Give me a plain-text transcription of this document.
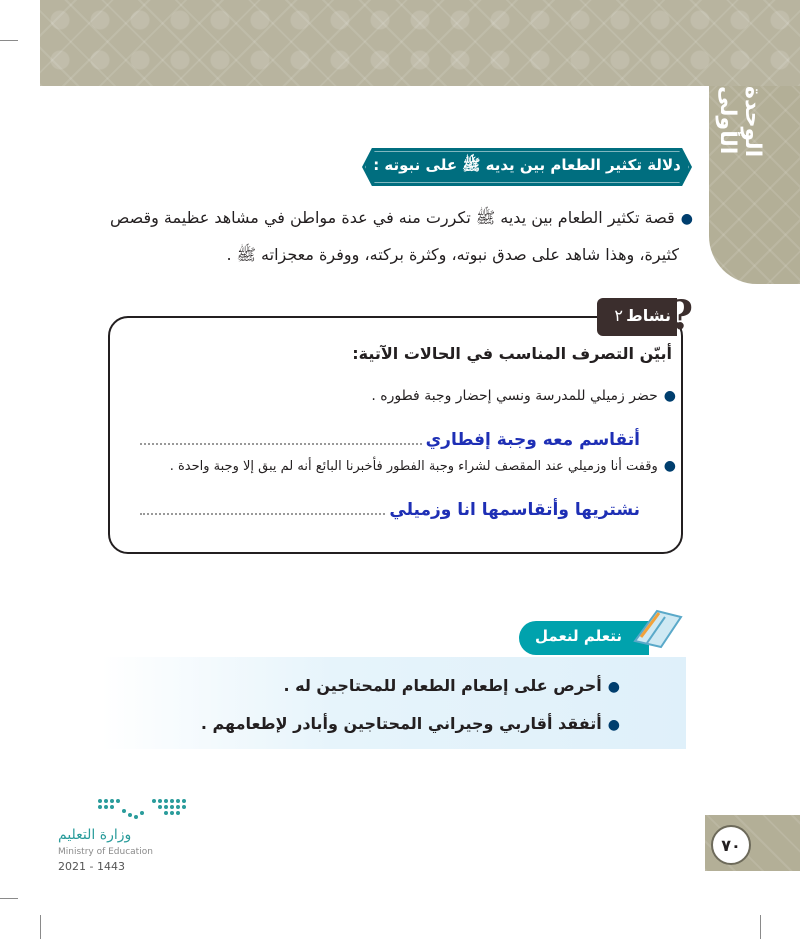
الوحدة الأولى
دلالة تكثير الطعام بين يديه ﷺ على نبوته :
●قصة تكثير الطعام بين يديه ﷺ تكررت منه في عدة مواطن في مشاهد عظيمة وقصص
كثيرة، وهذا شاهد على صدق نبوته، وكثرة بركته، ووفرة معجزاته ﷺ .
نشاط
٢ ?
أبيّن التصرف المناسب في الحالات الآتية:
●حضر زميلي للمدرسة ونسي إحضار وجبة فطوره .
أتقاسم معه وجبة إفطاري
●وقفت أنا وزميلي عند المقصف لشراء وجبة الفطور فأخبرنا البائع أنه لم يبق إلا وجبة واحدة .
نشتريها وأتقاسمها انا وزميلي
نتعلم لنعمل
●أحرص على إطعام الطعام للمحتاجين له .
●أتفقد أقاربي وجيراني المحتاجين وأبادر لإطعامهم .
وزارة التعليم
Ministry of Education
2021 - 1443
٧٠
